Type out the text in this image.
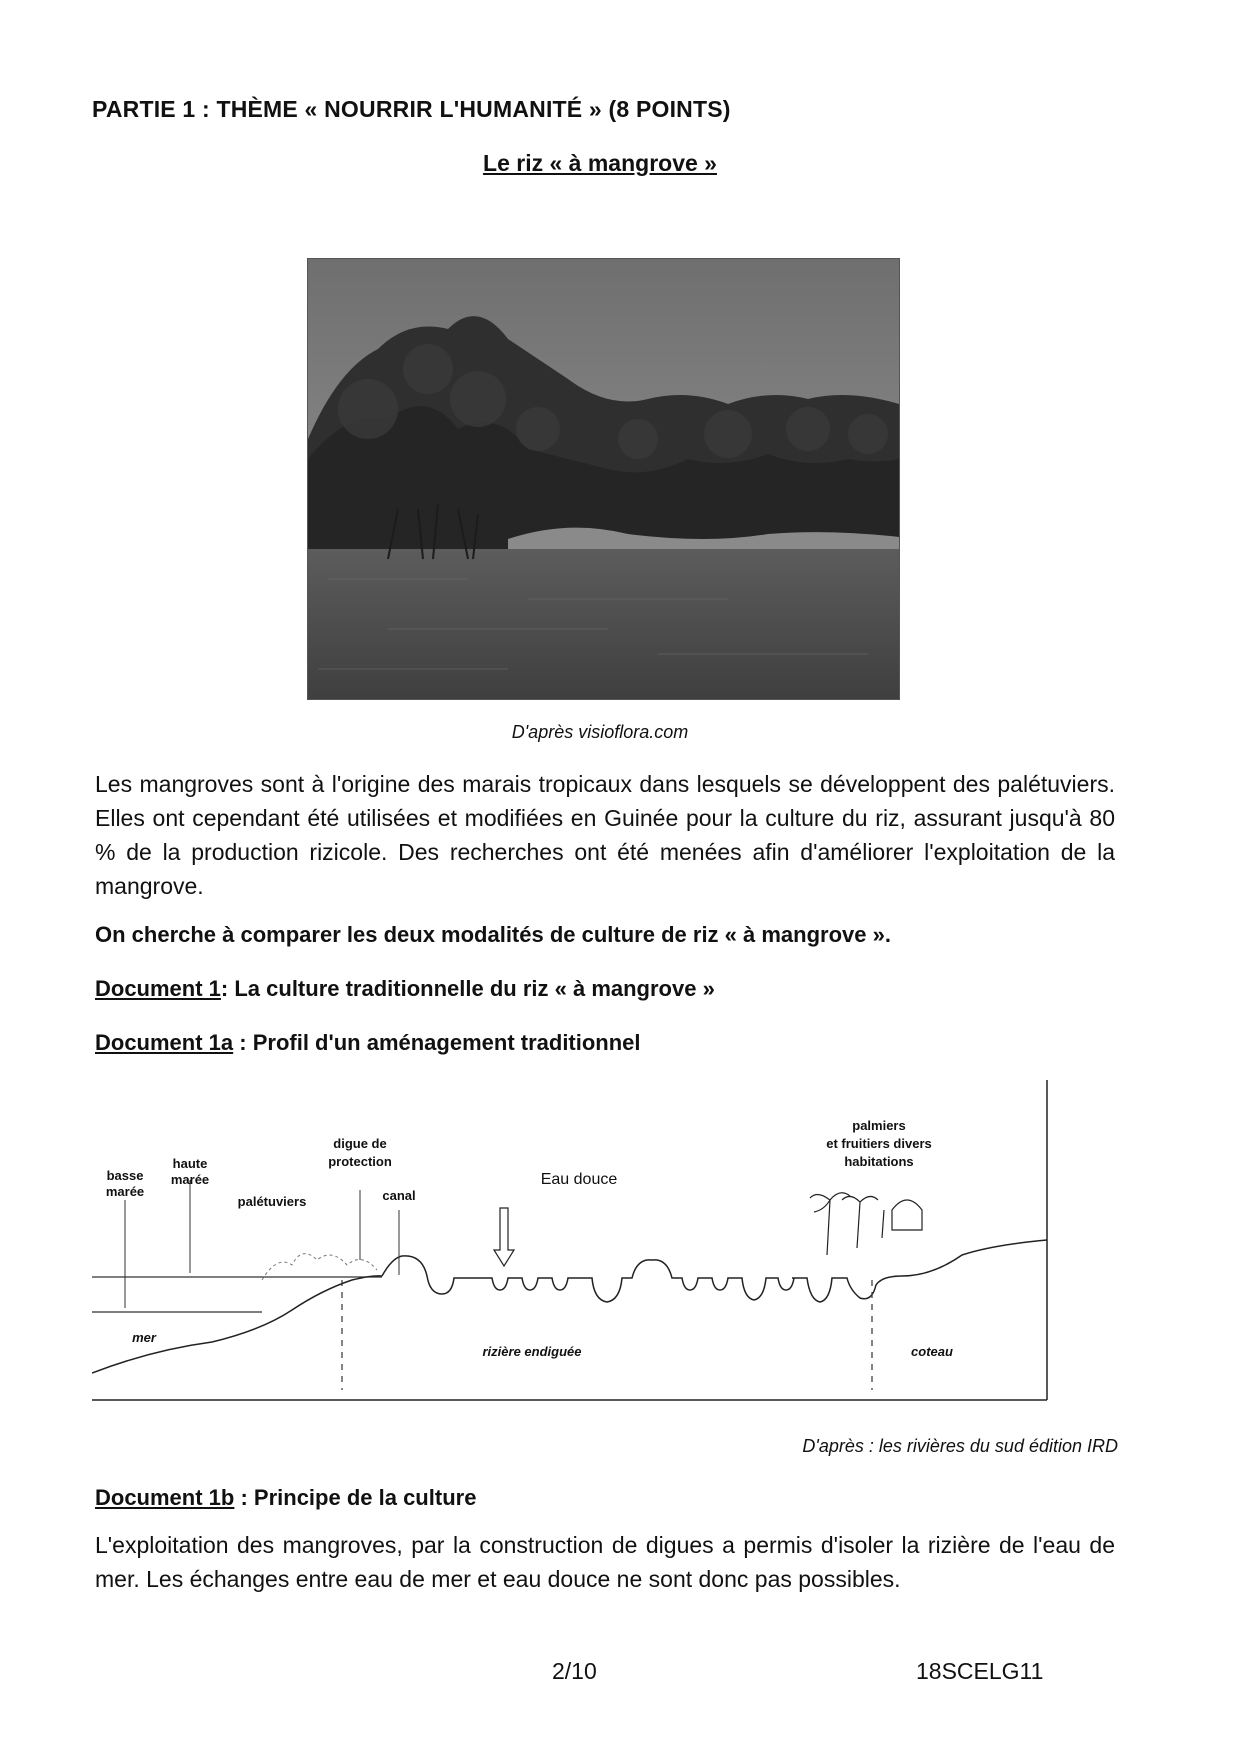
PARTIE 1 : THÈME « NOURRIR L'HUMANITÉ » (8 POINTS)
Le riz « à mangrove »
D'après visioflora.com
Les mangroves sont à l'origine des marais tropicaux dans lesquels se développent des palétuviers. Elles ont cependant été utilisées et modifiées en Guinée pour la culture du riz, assurant jusqu'à 80 % de la production rizicole. Des recherches ont été menées afin d'améliorer l'exploitation de la mangrove.
On cherche à comparer les deux modalités de culture de riz « à mangrove ».
Document 1: La culture traditionnelle du riz « à mangrove »
Document 1a : Profil d'un aménagement traditionnel
basse
marée
haute
marée
palétuviers
digue de
protection
canal
palmiers
et fruitiers divers
habitations
coteau
rizière endiguée
mer
Eau douce
D'après : les rivières du sud édition IRD
Document 1b : Principe de la culture
L'exploitation des mangroves, par la construction de digues a permis d'isoler la rizière de l'eau de mer. Les échanges entre eau de mer et eau douce ne sont donc pas possibles.
2/10	18SCELG11
